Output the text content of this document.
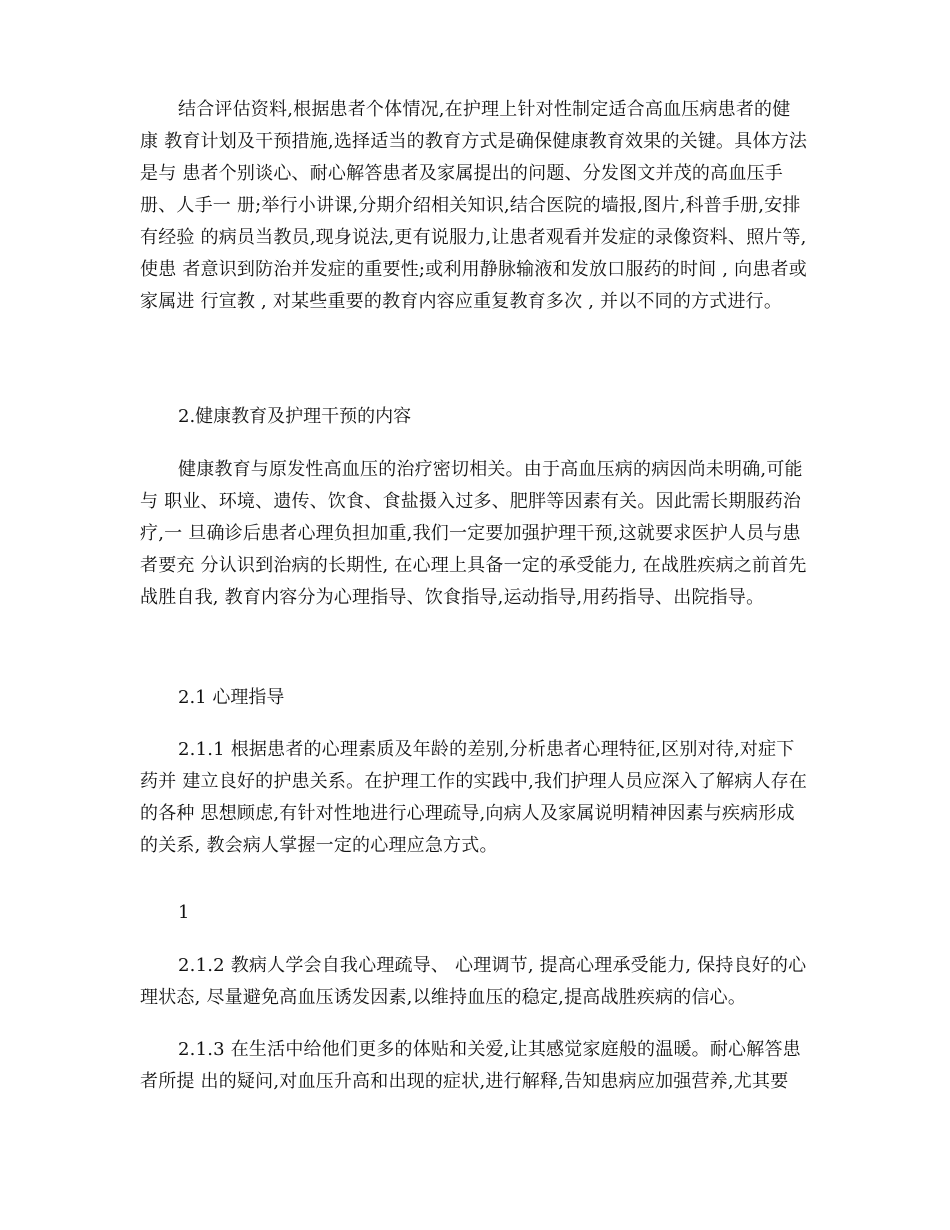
结合评估资料,根据患者个体情况,在护理上针对性制定适合高血压病患者的健康 教育计划及干预措施,选择适当的教育方式是确保健康教育效果的关键。具体方法是与 患者个别谈心、耐心解答患者及家属提出的问题、分发图文并茂的高血压手册、人手一 册;举行小讲课,分期介绍相关知识,结合医院的墙报,图片,科普手册,安排有经验 的病员当教员,现身说法,更有说服力,让患者观看并发症的录像资料、照片等,使患 者意识到防治并发症的重要性;或利用静脉输液和发放口服药的时间 , 向患者或家属进 行宣教 , 对某些重要的教育内容应重复教育多次 , 并以不同的方式进行。

2.健康教育及护理干预的内容

健康教育与原发性高血压的治疗密切相关。由于高血压病的病因尚未明确,可能与 职业、环境、遗传、饮食、食盐摄入过多、肥胖等因素有关。因此需长期服药治疗,一 旦确诊后患者心理负担加重,我们一定要加强护理干预,这就要求医护人员与患者要充 分认识到治病的长期性, 在心理上具备一定的承受能力, 在战胜疾病之前首先战胜自我, 教育内容分为心理指导、饮食指导,运动指导,用药指导、出院指导。

2.1 心理指导

2.1.1 根据患者的心理素质及年龄的差别,分析患者心理特征,区别对待,对症下药并 建立良好的护患关系。在护理工作的实践中,我们护理人员应深入了解病人存在的各种 思想顾虑,有针对性地进行心理疏导,向病人及家属说明精神因素与疾病形成的关系, 教会病人掌握一定的心理应急方式。

1

2.1.2 教病人学会自我心理疏导、 心理调节, 提高心理承受能力, 保持良好的心理状态, 尽量避免高血压诱发因素,以维持血压的稳定,提高战胜疾病的信心。

2.1.3 在生活中给他们更多的体贴和关爱,让其感觉家庭般的温暖。耐心解答患者所提 出的疑问,对血压升高和出现的症状,进行解释,告知患病应加强营养,尤其要
